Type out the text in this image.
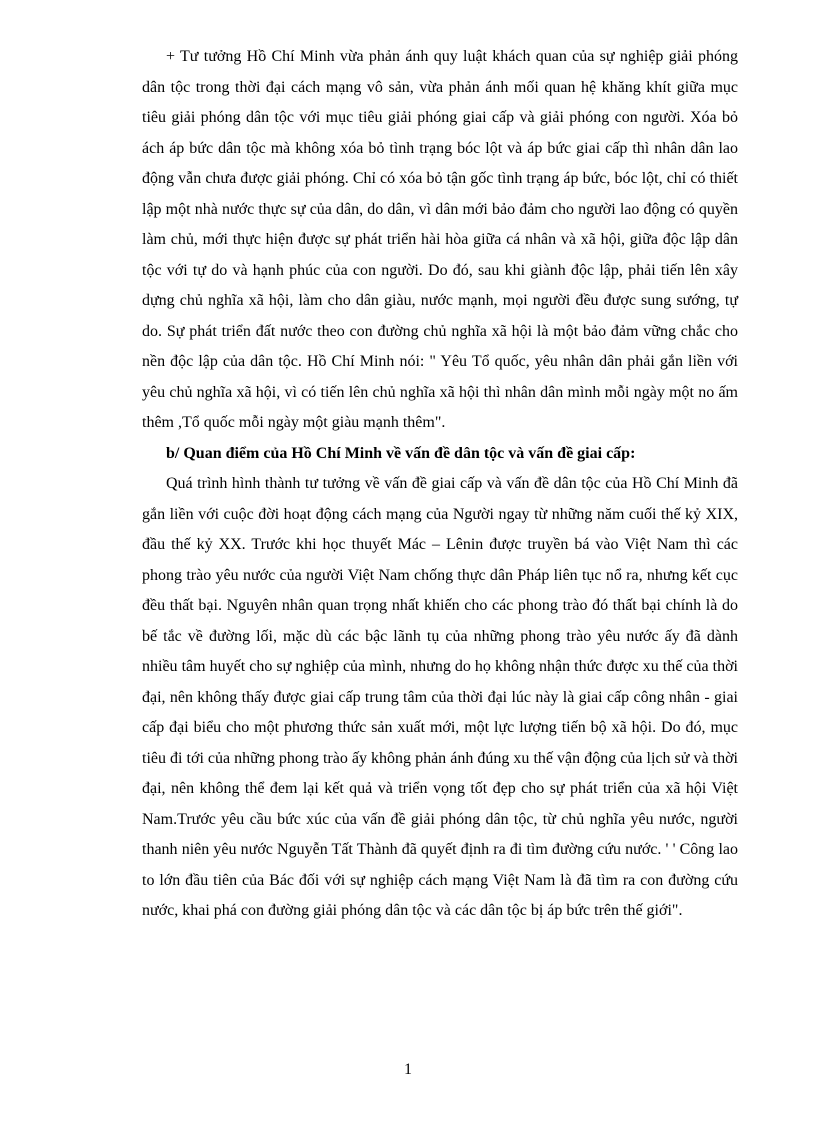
+ Tư tưởng Hồ Chí Minh vừa phản ánh quy luật khách quan của sự nghiệp giải phóng dân tộc trong thời đại cách mạng vô sản, vừa phản ánh mối quan hệ khăng khít giữa mục tiêu giải phóng dân tộc với mục tiêu giải phóng giai cấp và giải phóng con người. Xóa bỏ ách áp bức dân tộc mà không xóa bỏ tình trạng bóc lột và áp bức giai cấp thì nhân dân lao động vẫn chưa được giải phóng. Chỉ có xóa bỏ tận gốc tình trạng áp bức, bóc lột, chỉ có thiết lập một nhà nước thực sự của dân, do dân, vì dân mới bảo đảm cho người lao động có quyền làm chủ, mới thực hiện được sự phát triển hài hòa giữa cá nhân và xã hội, giữa độc lập dân tộc với tự do và hạnh phúc của con người. Do đó, sau khi giành độc lập, phải tiến lên xây dựng chủ nghĩa xã hội, làm cho dân giàu, nước mạnh, mọi người đều được sung sướng, tự do. Sự phát triển đất nước theo con đường chủ nghĩa xã hội là một bảo đảm vững chắc cho nền độc lập của dân tộc. Hồ Chí Minh nói: " Yêu Tổ quốc, yêu nhân dân phải gắn liền với yêu chủ nghĩa xã hội, vì có tiến lên chủ nghĩa xã hội thì nhân dân mình mỗi ngày một no ấm thêm ,Tổ quốc mỗi ngày một giàu mạnh thêm".

b/ Quan điểm của Hồ Chí Minh về vấn đề dân tộc và vấn đề giai cấp:

Quá trình hình thành tư tưởng về vấn đề giai cấp và vấn đề dân tộc của Hồ Chí Minh đã gắn liền với cuộc đời hoạt động cách mạng của Người ngay từ những năm cuối thế kỷ XIX, đầu thế kỷ XX. Trước khi học thuyết Mác – Lênin được truyền bá vào Việt Nam thì các phong trào yêu nước của người Việt Nam chống thực dân Pháp liên tục nổ ra, nhưng kết cục đều thất bại. Nguyên nhân quan trọng nhất khiến cho các phong trào đó thất bại chính là do bế tắc về đường lối, mặc dù các bậc lãnh tụ của những phong trào yêu nước ấy đã dành nhiều tâm huyết cho sự nghiệp của mình, nhưng do họ không nhận thức được xu thế của thời đại, nên không thấy được giai cấp trung tâm của thời đại lúc này là giai cấp công nhân - giai cấp đại biểu cho một phương thức sản xuất mới, một lực lượng tiến bộ xã hội. Do đó, mục tiêu đi tới của những phong trào ấy không phản ánh đúng xu thế vận động của lịch sử và thời đại, nên không thể đem lại kết quả và triển vọng tốt đẹp cho sự phát triển của xã hội Việt Nam.Trước yêu cầu bức xúc của vấn đề giải phóng dân tộc, từ chủ nghĩa yêu nước, người thanh niên yêu nước Nguyễn Tất Thành đã quyết định ra đi tìm đường cứu nước. ' ' Công lao to lớn đầu tiên của Bác đối với sự nghiệp cách mạng Việt Nam là đã tìm ra con đường cứu nước, khai phá con đường giải phóng dân tộc và các dân tộc bị áp bức trên thế giới".

1
